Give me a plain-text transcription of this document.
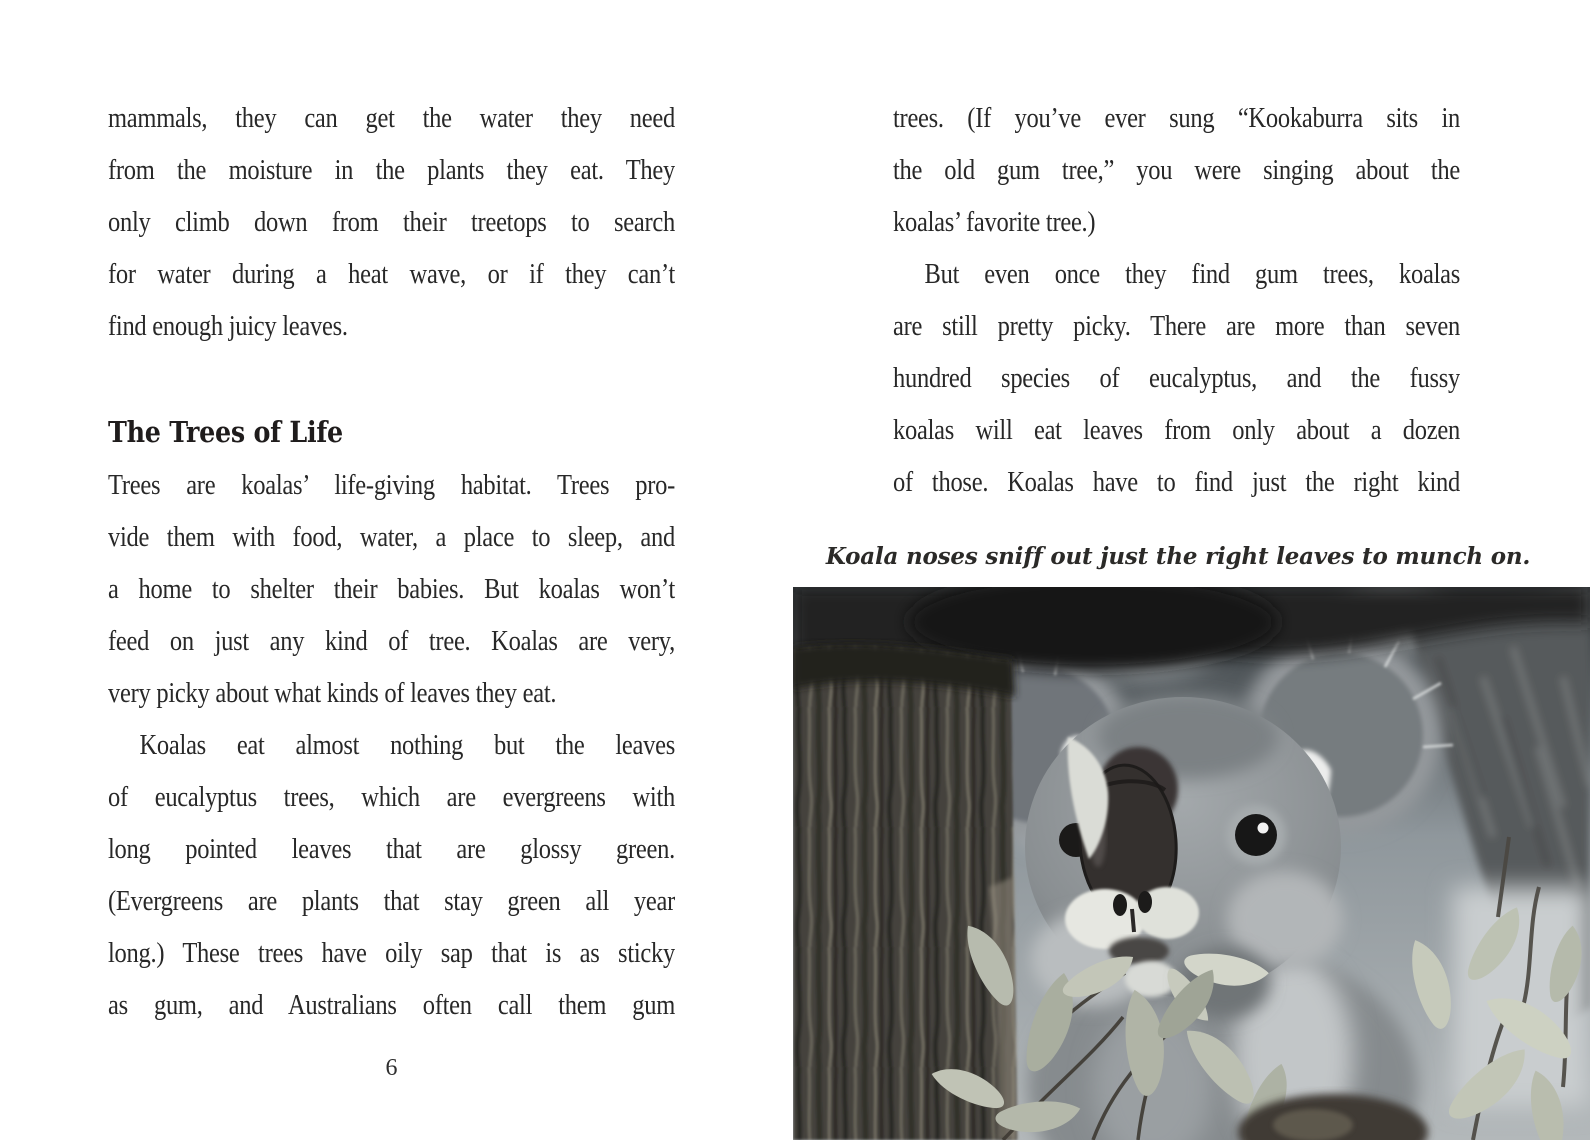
mammals, they can get the water they need
from the moisture in the plants they eat. They
only climb down from their treetops to search
for water during a heat wave, or if they can’t
find enough juicy leaves.
The Trees of Life
Trees are koalas’ life-giving habitat. Trees pro-
vide them with food, water, a place to sleep, and
a home to shelter their babies. But koalas won’t
feed on just any kind of tree. Koalas are very,
very picky about what kinds of leaves they eat.
Koalas eat almost nothing but the leaves
of eucalyptus trees, which are evergreens with
long pointed leaves that are glossy green.
(Evergreens are plants that stay green all year
long.) These trees have oily sap that is as sticky
as gum, and Australians often call them gum
6
trees. (If you’ve ever sung “Kookaburra sits in
the old gum tree,” you were singing about the
koalas’ favorite tree.)
But even once they find gum trees, koalas
are still pretty picky. There are more than seven
hundred species of eucalyptus, and the fussy
koalas will eat leaves from only about a dozen
of those. Koalas have to find just the right kind
Koala noses sniff out just the right leaves to munch on.
